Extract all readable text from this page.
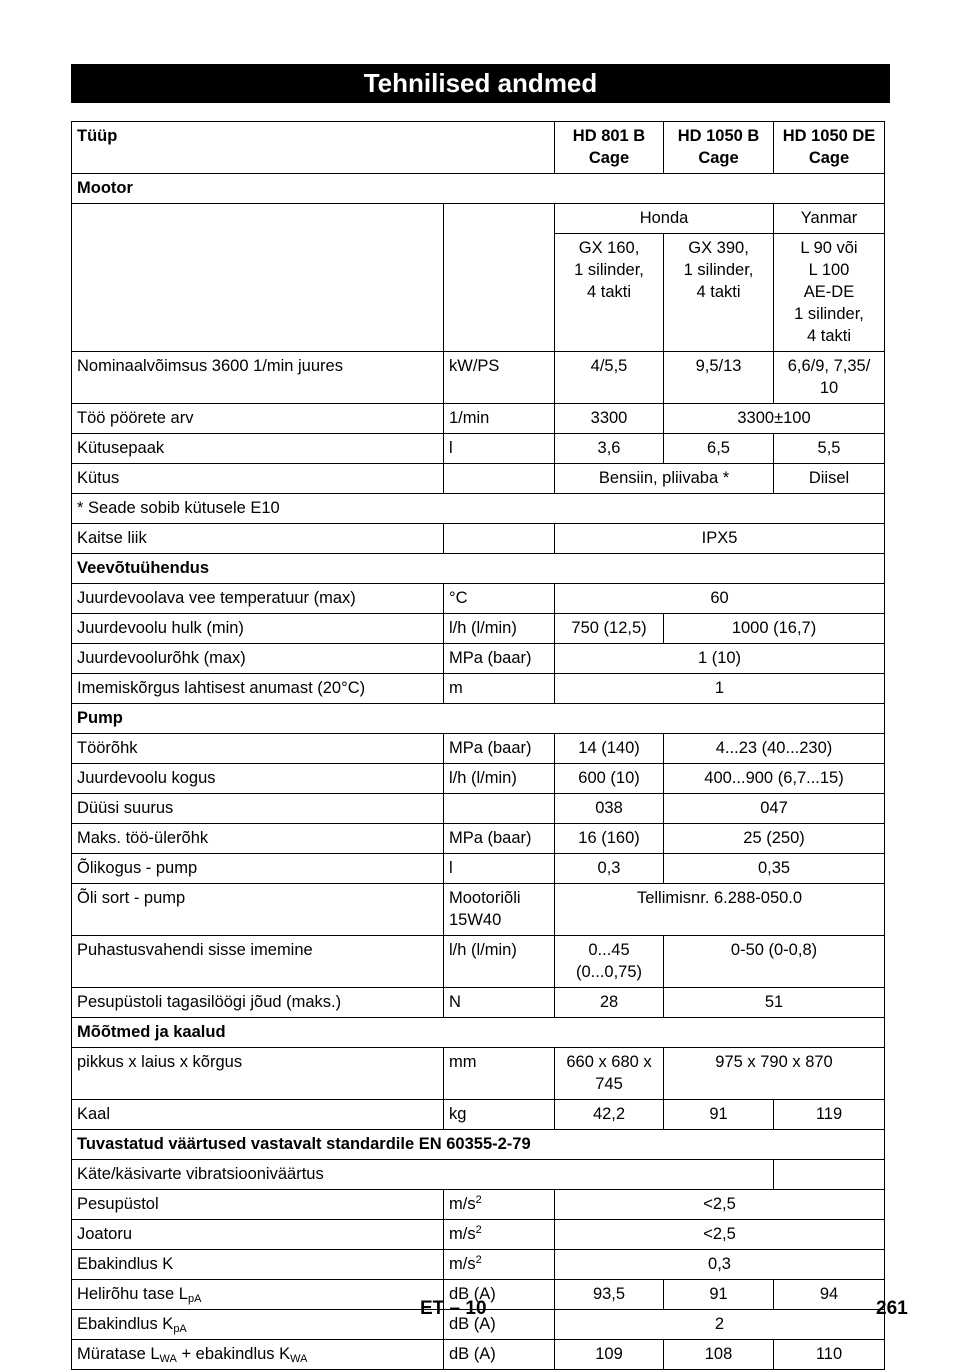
Tehnilised andmed
Tüüp		HD 801 B Cage	HD 1050 B Cage	HD 1050 DE Cage
Mootor				
		Honda		Yanmar
		GX 160,
1 silinder,
4 takti	GX 390,
1 silinder,
4 takti	L 90 või
L 100
AE-DE
1 silinder,
4 takti
Nominaalvõimsus 3600 1/min juures	kW/PS	4/5,5	9,5/13	6,6/9, 7,35/
10
Töö pöörete arv	1/min	3300	3300±100	
Kütusepaak	l	3,6	6,5	5,5
Kütus		Bensiin, pliivaba *		Diisel
* Seade sobib kütusele E10				
Kaitse liik		IPX5		
Veevõtuühendus				
Juurdevoolava vee temperatuur (max)	°C	60		
Juurdevoolu hulk (min)	l/h (l/min)	750 (12,5)	1000 (16,7)	
Juurdevoolurõhk (max)	MPa (baar)	1 (10)		
Imemiskõrgus lahtisest anumast (20°C)	m	1		
Pump				
Töörõhk	MPa (baar)	14 (140)	4...23 (40...230)	
Juurdevoolu kogus	l/h (l/min)	600 (10)	400...900 (6,7...15)	
Düüsi suurus		038	047	
Maks. töö-ülerõhk	MPa (baar)	16 (160)	25 (250)	
Õlikogus - pump	l	0,3	0,35	
Õli sort - pump	Mootoriõli
15W40	Tellimisnr. 6.288-050.0		
Puhastusvahendi sisse imemine	l/h (l/min)	0...45
(0...0,75)	0-50 (0-0,8)	
Pesupüstoli tagasilöögi jõud (maks.)	N	28	51	
Mõõtmed ja kaalud				
pikkus x laius x kõrgus	mm	660 x 680 x
745	975 x 790 x 870	
Kaal	kg	42,2	91	119
Tuvastatud väärtused vastavalt standardile EN 60355-2-79				
Käte/käsivarte vibratsiooniväärtus				
Pesupüstol	$m/s^2$	<2,5		
Joatoru	$m/s^2$	<2,5		
Ebakindlus K	$m/s^2$	0,3		
Helirõhu tase $L_{pA}$	dB (A)	93,5	91	94
Ebakindlus $K_{pA}$	dB (A)	2		
Müratase $L_{WA}$ + ebakindlus $K_{WA}$	dB (A)	109	108	110
ET – 10	261
